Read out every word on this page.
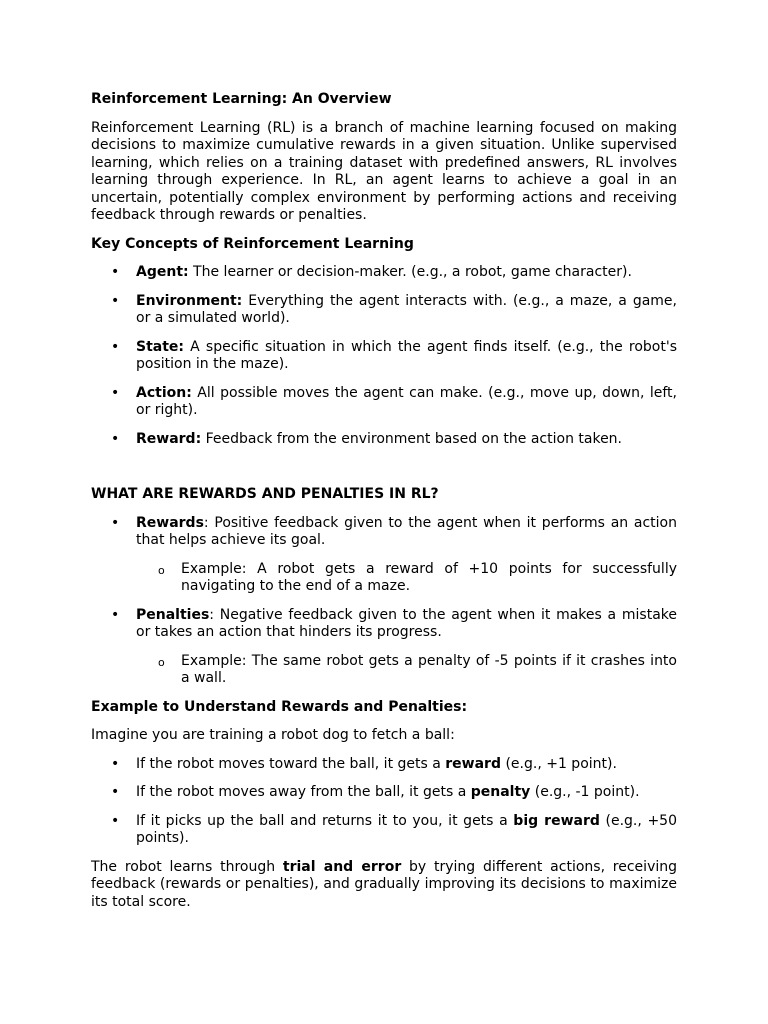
Reinforcement Learning: An Overview

Reinforcement Learning (RL) is a branch of machine learning focused on making decisions to maximize cumulative rewards in a given situation. Unlike supervised learning, which relies on a training dataset with predefined answers, RL involves learning through experience. In RL, an agent learns to achieve a goal in an uncertain, potentially complex environment by performing actions and receiving feedback through rewards or penalties.

Key Concepts of Reinforcement Learning

• Agent: The learner or decision-maker. (e.g., a robot, game character).
• Environment: Everything the agent interacts with. (e.g., a maze, a game, or a simulated world).
• State: A specific situation in which the agent finds itself. (e.g., the robot's position in the maze).
• Action: All possible moves the agent can make. (e.g., move up, down, left, or right).
• Reward: Feedback from the environment based on the action taken.

WHAT ARE REWARDS AND PENALTIES IN RL?

• Rewards: Positive feedback given to the agent when it performs an action that helps achieve its goal.
o Example: A robot gets a reward of +10 points for successfully navigating to the end of a maze.
• Penalties: Negative feedback given to the agent when it makes a mistake or takes an action that hinders its progress.
o Example: The same robot gets a penalty of -5 points if it crashes into a wall.

Example to Understand Rewards and Penalties:

Imagine you are training a robot dog to fetch a ball:

• If the robot moves toward the ball, it gets a reward (e.g., +1 point).
• If the robot moves away from the ball, it gets a penalty (e.g., -1 point).
• If it picks up the ball and returns it to you, it gets a big reward (e.g., +50 points).

The robot learns through trial and error by trying different actions, receiving feedback (rewards or penalties), and gradually improving its decisions to maximize its total score.
